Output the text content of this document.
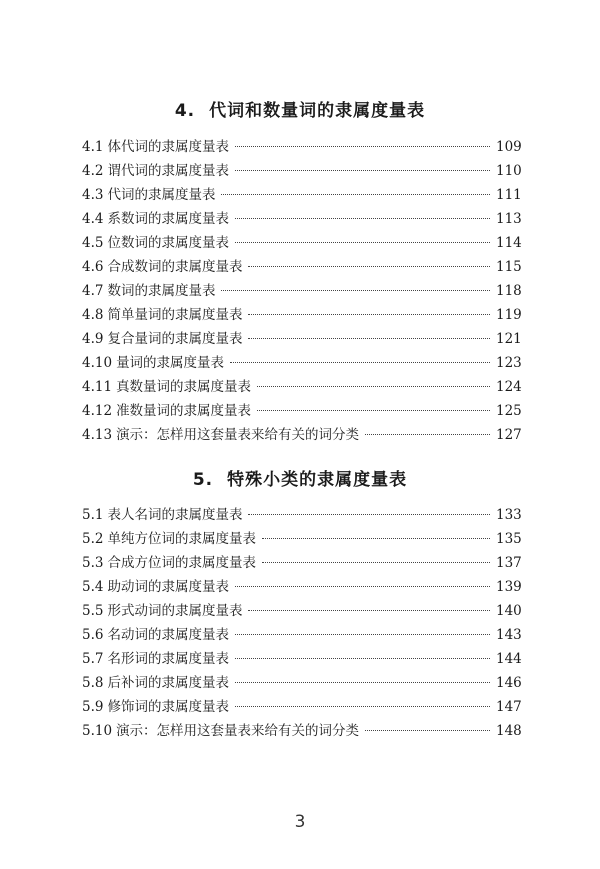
4. 代词和数量词的隶属度量表
4.1 体代词的隶属度量表	109
4.2 谓代词的隶属度量表	110
4.3 代词的隶属度量表	111
4.4 系数词的隶属度量表	113
4.5 位数词的隶属度量表	114
4.6 合成数词的隶属度量表	115
4.7 数词的隶属度量表	118
4.8 简单量词的隶属度量表	119
4.9 复合量词的隶属度量表	121
4.10 量词的隶属度量表	123
4.11 真数量词的隶属度量表	124
4.12 准数量词的隶属度量表	125
4.13 演示：怎样用这套量表来给有关的词分类	127
5. 特殊小类的隶属度量表
5.1 表人名词的隶属度量表	133
5.2 单纯方位词的隶属度量表	135
5.3 合成方位词的隶属度量表	137
5.4 助动词的隶属度量表	139
5.5 形式动词的隶属度量表	140
5.6 名动词的隶属度量表	143
5.7 名形词的隶属度量表	144
5.8 后补词的隶属度量表	146
5.9 修饰词的隶属度量表	147
5.10 演示：怎样用这套量表来给有关的词分类	148
3
